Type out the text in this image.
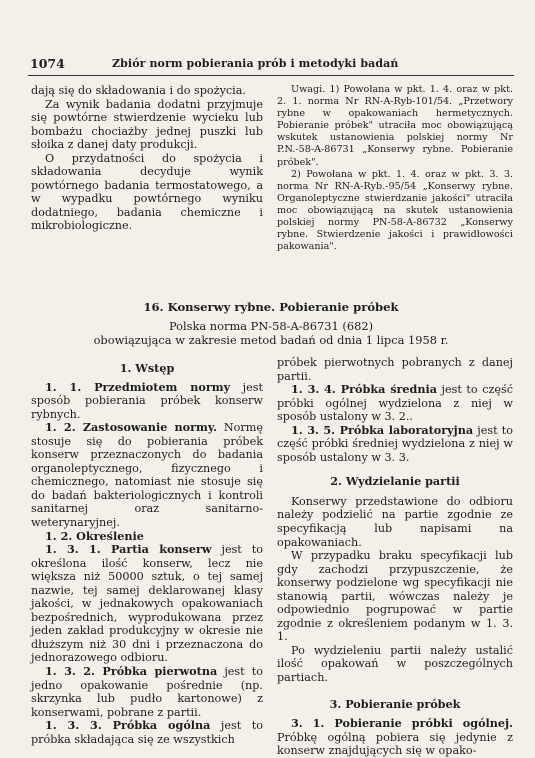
1074	Zbiór norm pobierania prób i metodyki badań

dają się do składowania i do spożycia.

Za wynik badania dodatni przyjmuje się powtórne stwierdzenie wycieku lub bombażu chociażby jednej puszki lub słoika z danej daty produkcji.

O przydatności do spożycia i składowania decyduje wynik powtórnego badania termostatowego, a w wypadku powtórnego wyniku dodatniego, badania chemiczne i mikrobiologiczne.

Uwagi. 1) Powołana w pkt. 1. 4. oraz w pkt. 2. 1. norma Nr RN-A-Ryb-101/54. „Przetwory rybne w opakowaniach hermetycznych. Pobieranie próbek" utraciła moc obowiązującą wskutek ustanowienia polskiej normy Nr P.N.-58-A-86731 „Konserwy rybne. Pobieranie próbek".

2) Powołana w pkt. 1. 4. oraz w pkt. 3. 3. norma Nr RN-A-Ryb.-95/54 „Konserwy rybne. Organoleptyczne stwierdzanie jakości" utraciła moc obowiązującą na skutek ustanowienia polskiej normy PN-58-A-86732 „Konserwy rybne. Stwierdzenie jakości i prawidłowości pakowania".

16. Konserwy rybne. Pobieranie próbek
Polska norma PN-58-A-86731 (682)
obowiązująca w zakresie metod badań od dnia 1 lipca 1958 r.

1. Wstęp

1. 1. Przedmiotem normy jest sposób pobierania próbek konserw rybnych.

1. 2. Zastosowanie normy. Normę stosuje się do pobierania próbek konserw przeznaczonych do badania organoleptycznego, fizycznego i chemicznego, natomiast nie stosuje się do badań bakteriologicznych i kontroli sanitarnej oraz sanitarno-weterynaryjnej.

1. 2. Określenie

1. 3. 1. Partia konserw jest to określona ilość konserw, lecz nie większa niż 50000 sztuk, o tej samej nazwie, tej samej deklarowanej klasy jakości, w jednakowych opakowaniach bezpośrednich, wyprodukowana przez jeden zakład produkcyjny w okresie nie dłuższym niż 30 dni i przeznaczona do jednorazowego odbioru.

1. 3. 2. Próbka pierwotna jest to jedno opakowanie pośrednie (np. skrzynka lub pudło kartonowe) z konserwami, pobrane z partii.

1. 3. 3. Próbka ogólna jest to próbka składająca się ze wszystkich

próbek pierwotnych pobranych z danej partii.

1. 3. 4. Próbka średnia jest to część próbki ogólnej wydzielona z niej w sposób ustalony w 3. 2..

1. 3. 5. Próbka laboratoryjna jest to część próbki średniej wydzielona z niej w sposób ustalony w 3. 3.

2. Wydzielanie partii

Konserwy przedstawione do odbioru należy podzielić na partie zgodnie ze specyfikacją lub napisami na opakowaniach.

W przypadku braku specyfikacji lub gdy zachodzi przypuszczenie, że konserwy podzielone wg specyfikacji nie stanowią partii, wówczas należy je odpowiednio pogrupować w partie zgodnie z określeniem podanym w 1. 3. 1.

Po wydzieleniu partii należy ustalić ilość opakowań w poszczególnych partiach.

3. Pobieranie próbek

3. 1. Pobieranie próbki ogólnej. Próbkę ogólną pobiera się jedynie z konserw znajdujących się w opako-
